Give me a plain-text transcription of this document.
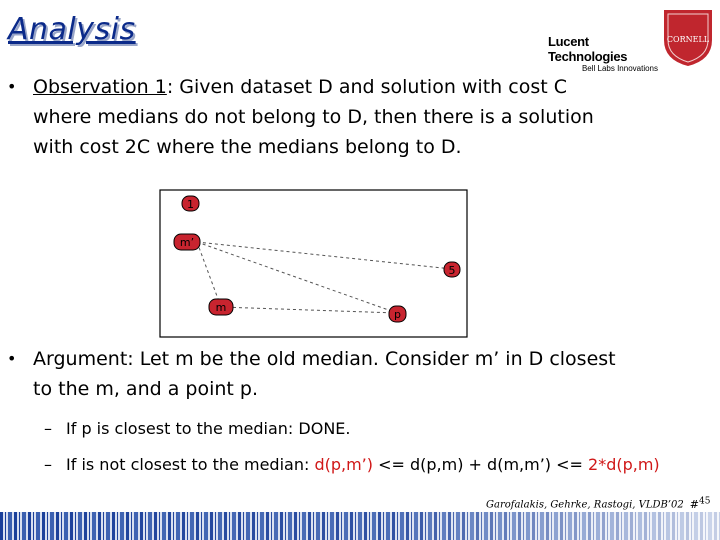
Analysis	Lucent Technologies
Bell Labs Innovations
CORNELL
• Observation 1: Given dataset D and solution with cost C
where medians do not belong to D, then there is a solution
with cost 2C where the medians belong to D.
1
m’
5
m
p
• Argument: Let m be the old median. Consider m’ in D closest
to the m, and a point p.
– If p is closest to the median: DONE.
– If is not closest to the median: d(p,m’) <= d(p,m) + d(m,m’) <= 2*d(p,m)
Garofalakis, Gehrke, Rastogi, VLDB’02 #$^{45}$
